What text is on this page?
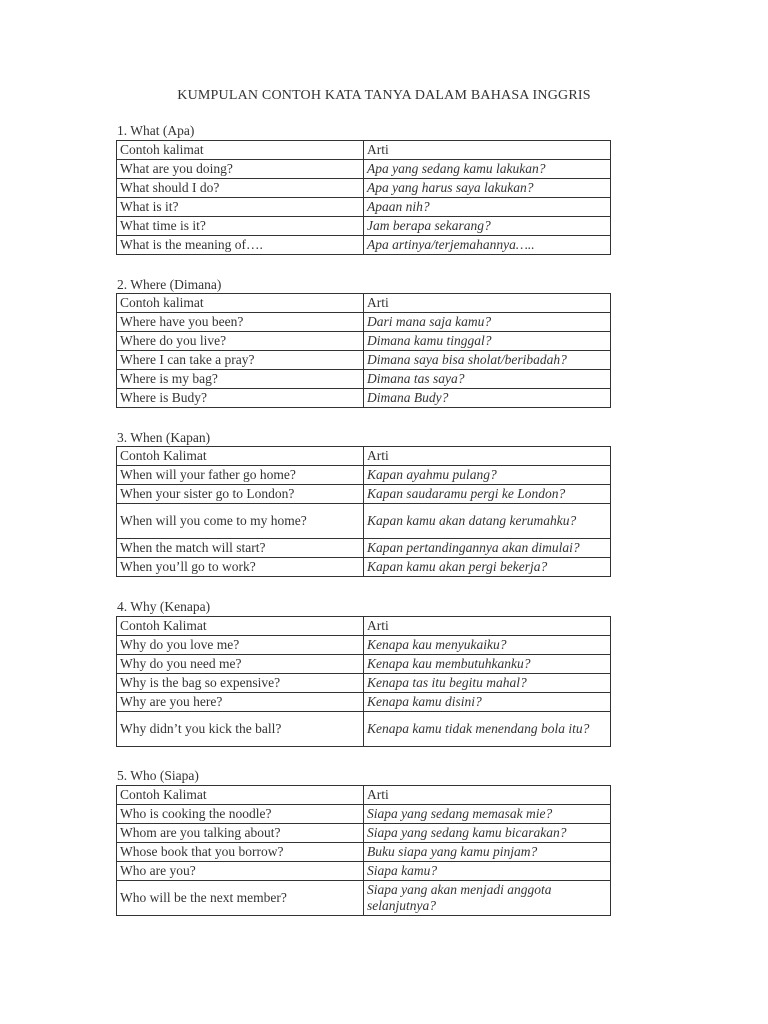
KUMPULAN CONTOH KATA TANYA DALAM BAHASA INGGRIS
1. What (Apa)
Contoh kalimat	Arti
What are you doing?	Apa yang sedang kamu lakukan?
What should I do?	Apa yang harus saya lakukan?
What is it?	Apaan nih?
What time is it?	Jam berapa sekarang?
What is the meaning of….	Apa artinya/terjemahannya…..
2. Where (Dimana)
Contoh kalimat	Arti
Where have you been?	Dari mana saja kamu?
Where do you live?	Dimana kamu tinggal?
Where I can take a pray?	Dimana saya bisa sholat/beribadah?
Where is my bag?	Dimana tas saya?
Where is Budy?	Dimana Budy?
3. When (Kapan)
Contoh Kalimat	Arti
When will your father go home?	Kapan ayahmu pulang?
When your sister go to London?	Kapan saudaramu pergi ke London?
When will you come to my home?	Kapan kamu akan datang kerumahku?
When the match will start?	Kapan pertandingannya akan dimulai?
When you’ll go to work?	Kapan kamu akan pergi bekerja?
4. Why (Kenapa)
Contoh Kalimat	Arti
Why do you love me?	Kenapa kau menyukaiku?
Why do you need me?	Kenapa kau membutuhkanku?
Why is the bag so expensive?	Kenapa tas itu begitu mahal?
Why are you here?	Kenapa kamu disini?
Why didn’t you kick the ball?	Kenapa kamu tidak menendang bola itu?
5. Who (Siapa)
Contoh Kalimat	Arti
Who is cooking the noodle?	Siapa yang sedang memasak mie?
Whom are you talking about?	Siapa yang sedang kamu bicarakan?
Whose book that you borrow?	Buku siapa yang kamu pinjam?
Who are you?	Siapa kamu?
Who will be the next member?	Siapa yang akan menjadi anggota selanjutnya?
